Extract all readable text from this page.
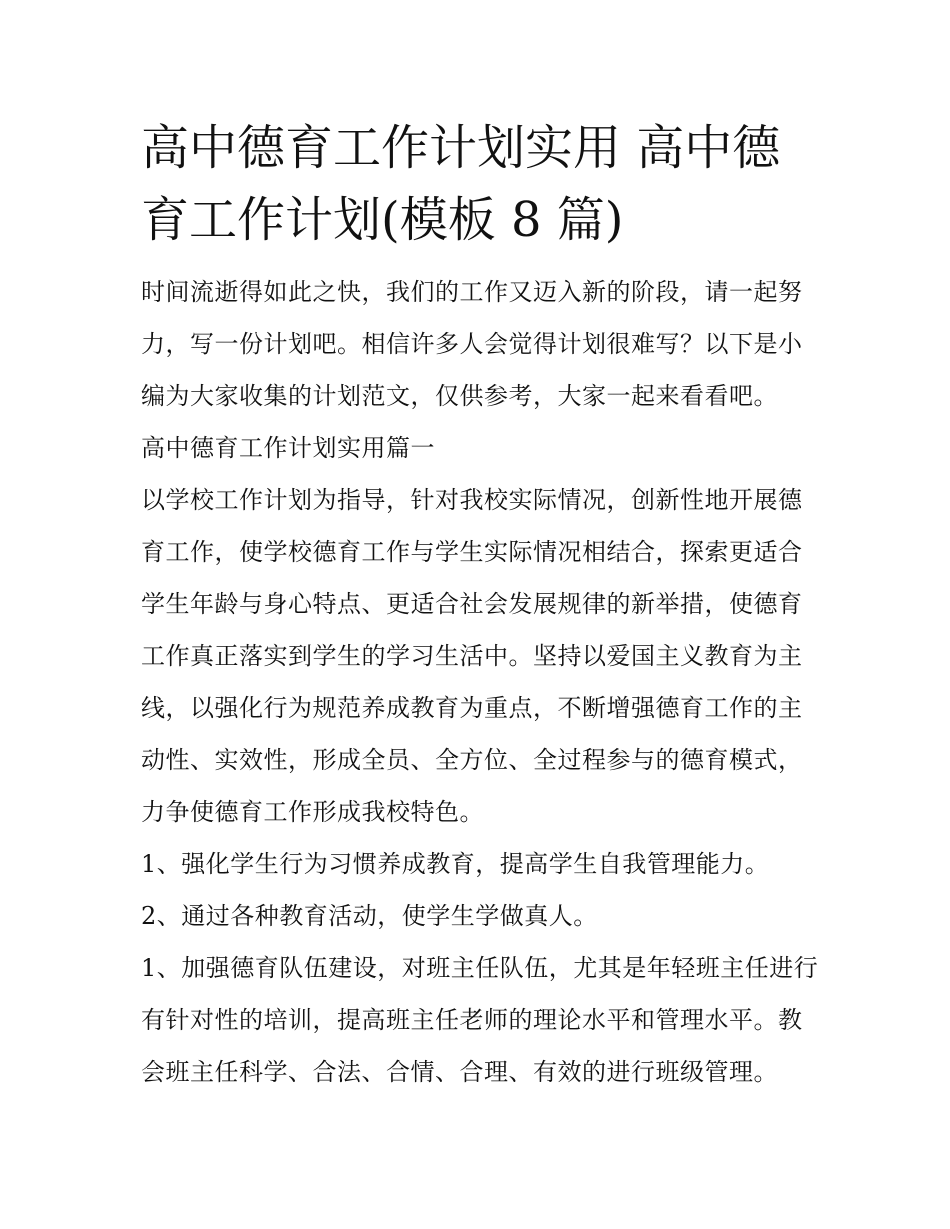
高中德育工作计划实用 高中德育工作计划(模板 8 篇)

时间流逝得如此之快，我们的工作又迈入新的阶段，请一起努力，写一份计划吧。相信许多人会觉得计划很难写？以下是小编为大家收集的计划范文，仅供参考，大家一起来看看吧。

高中德育工作计划实用篇一

以学校工作计划为指导，针对我校实际情况，创新性地开展德育工作，使学校德育工作与学生实际情况相结合，探索更适合学生年龄与身心特点、更适合社会发展规律的新举措，使德育工作真正落实到学生的学习生活中。坚持以爱国主义教育为主线，以强化行为规范养成教育为重点，不断增强德育工作的主动性、实效性，形成全员、全方位、全过程参与的德育模式，力争使德育工作形成我校特色。

1、强化学生行为习惯养成教育，提高学生自我管理能力。

2、通过各种教育活动，使学生学做真人。

1、加强德育队伍建设，对班主任队伍，尤其是年轻班主任进行有针对性的培训，提高班主任老师的理论水平和管理水平。教会班主任科学、合法、合情、合理、有效的进行班级管理。
